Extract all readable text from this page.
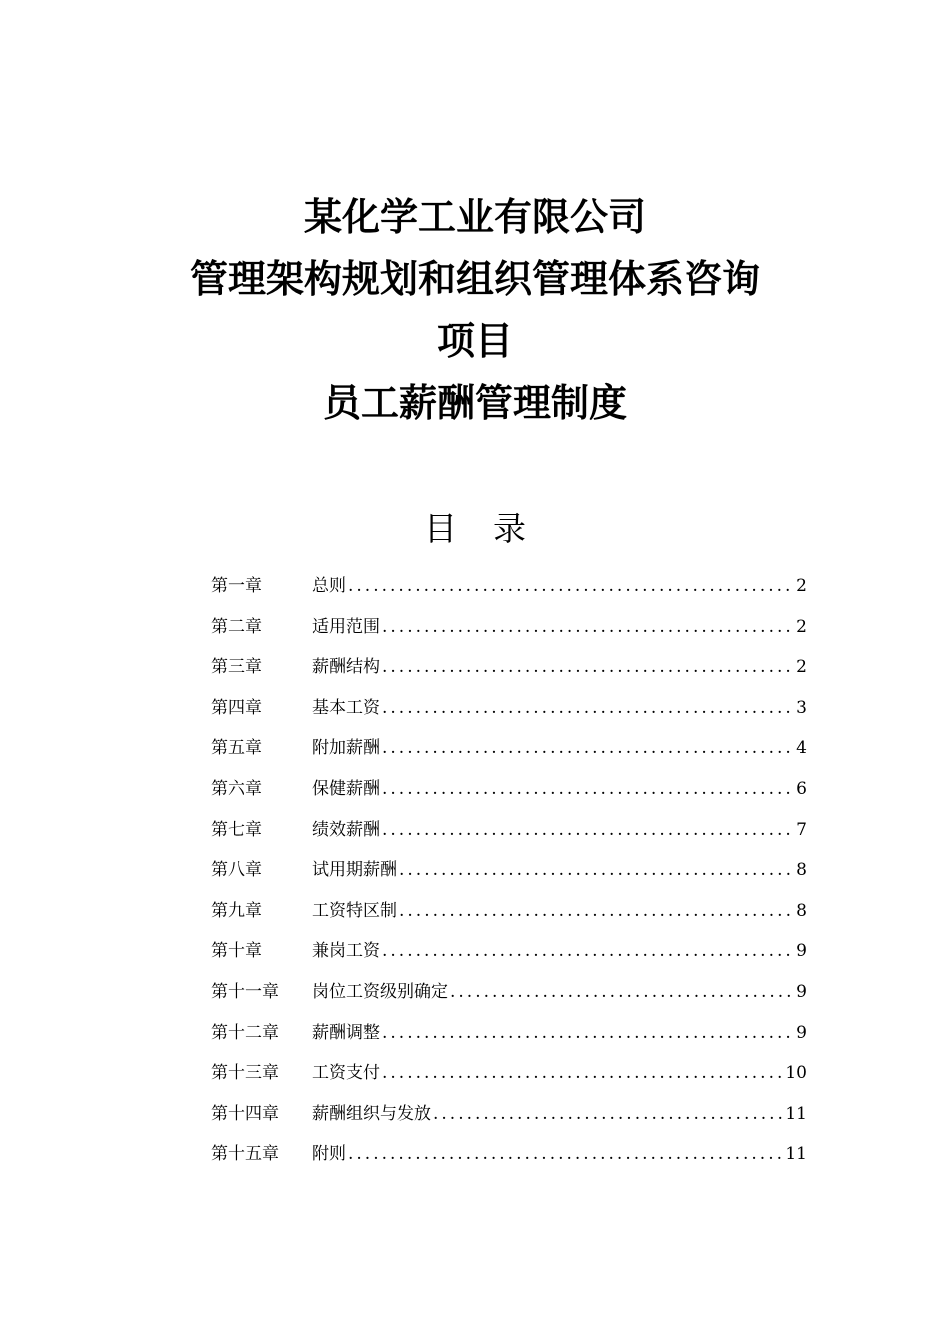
某化学工业有限公司
管理架构规划和组织管理体系咨询
项目
员工薪酬管理制度
目 录
第一章	总则 .....	2
第二章	适用范围 .....	2
第三章	薪酬结构 .....	2
第四章	基本工资 .....	3
第五章	附加薪酬 .....	4
第六章	保健薪酬 .....	6
第七章	绩效薪酬 .....	7
第八章	试用期薪酬 .....	8
第九章	工资特区制 .....	8
第十章	兼岗工资 .....	9
第十一章	岗位工资级别确定 .....	9
第十二章	薪酬调整 .....	9
第十三章	工资支付 .....	10
第十四章	薪酬组织与发放 .....	11
第十五章	附则 .....	11
